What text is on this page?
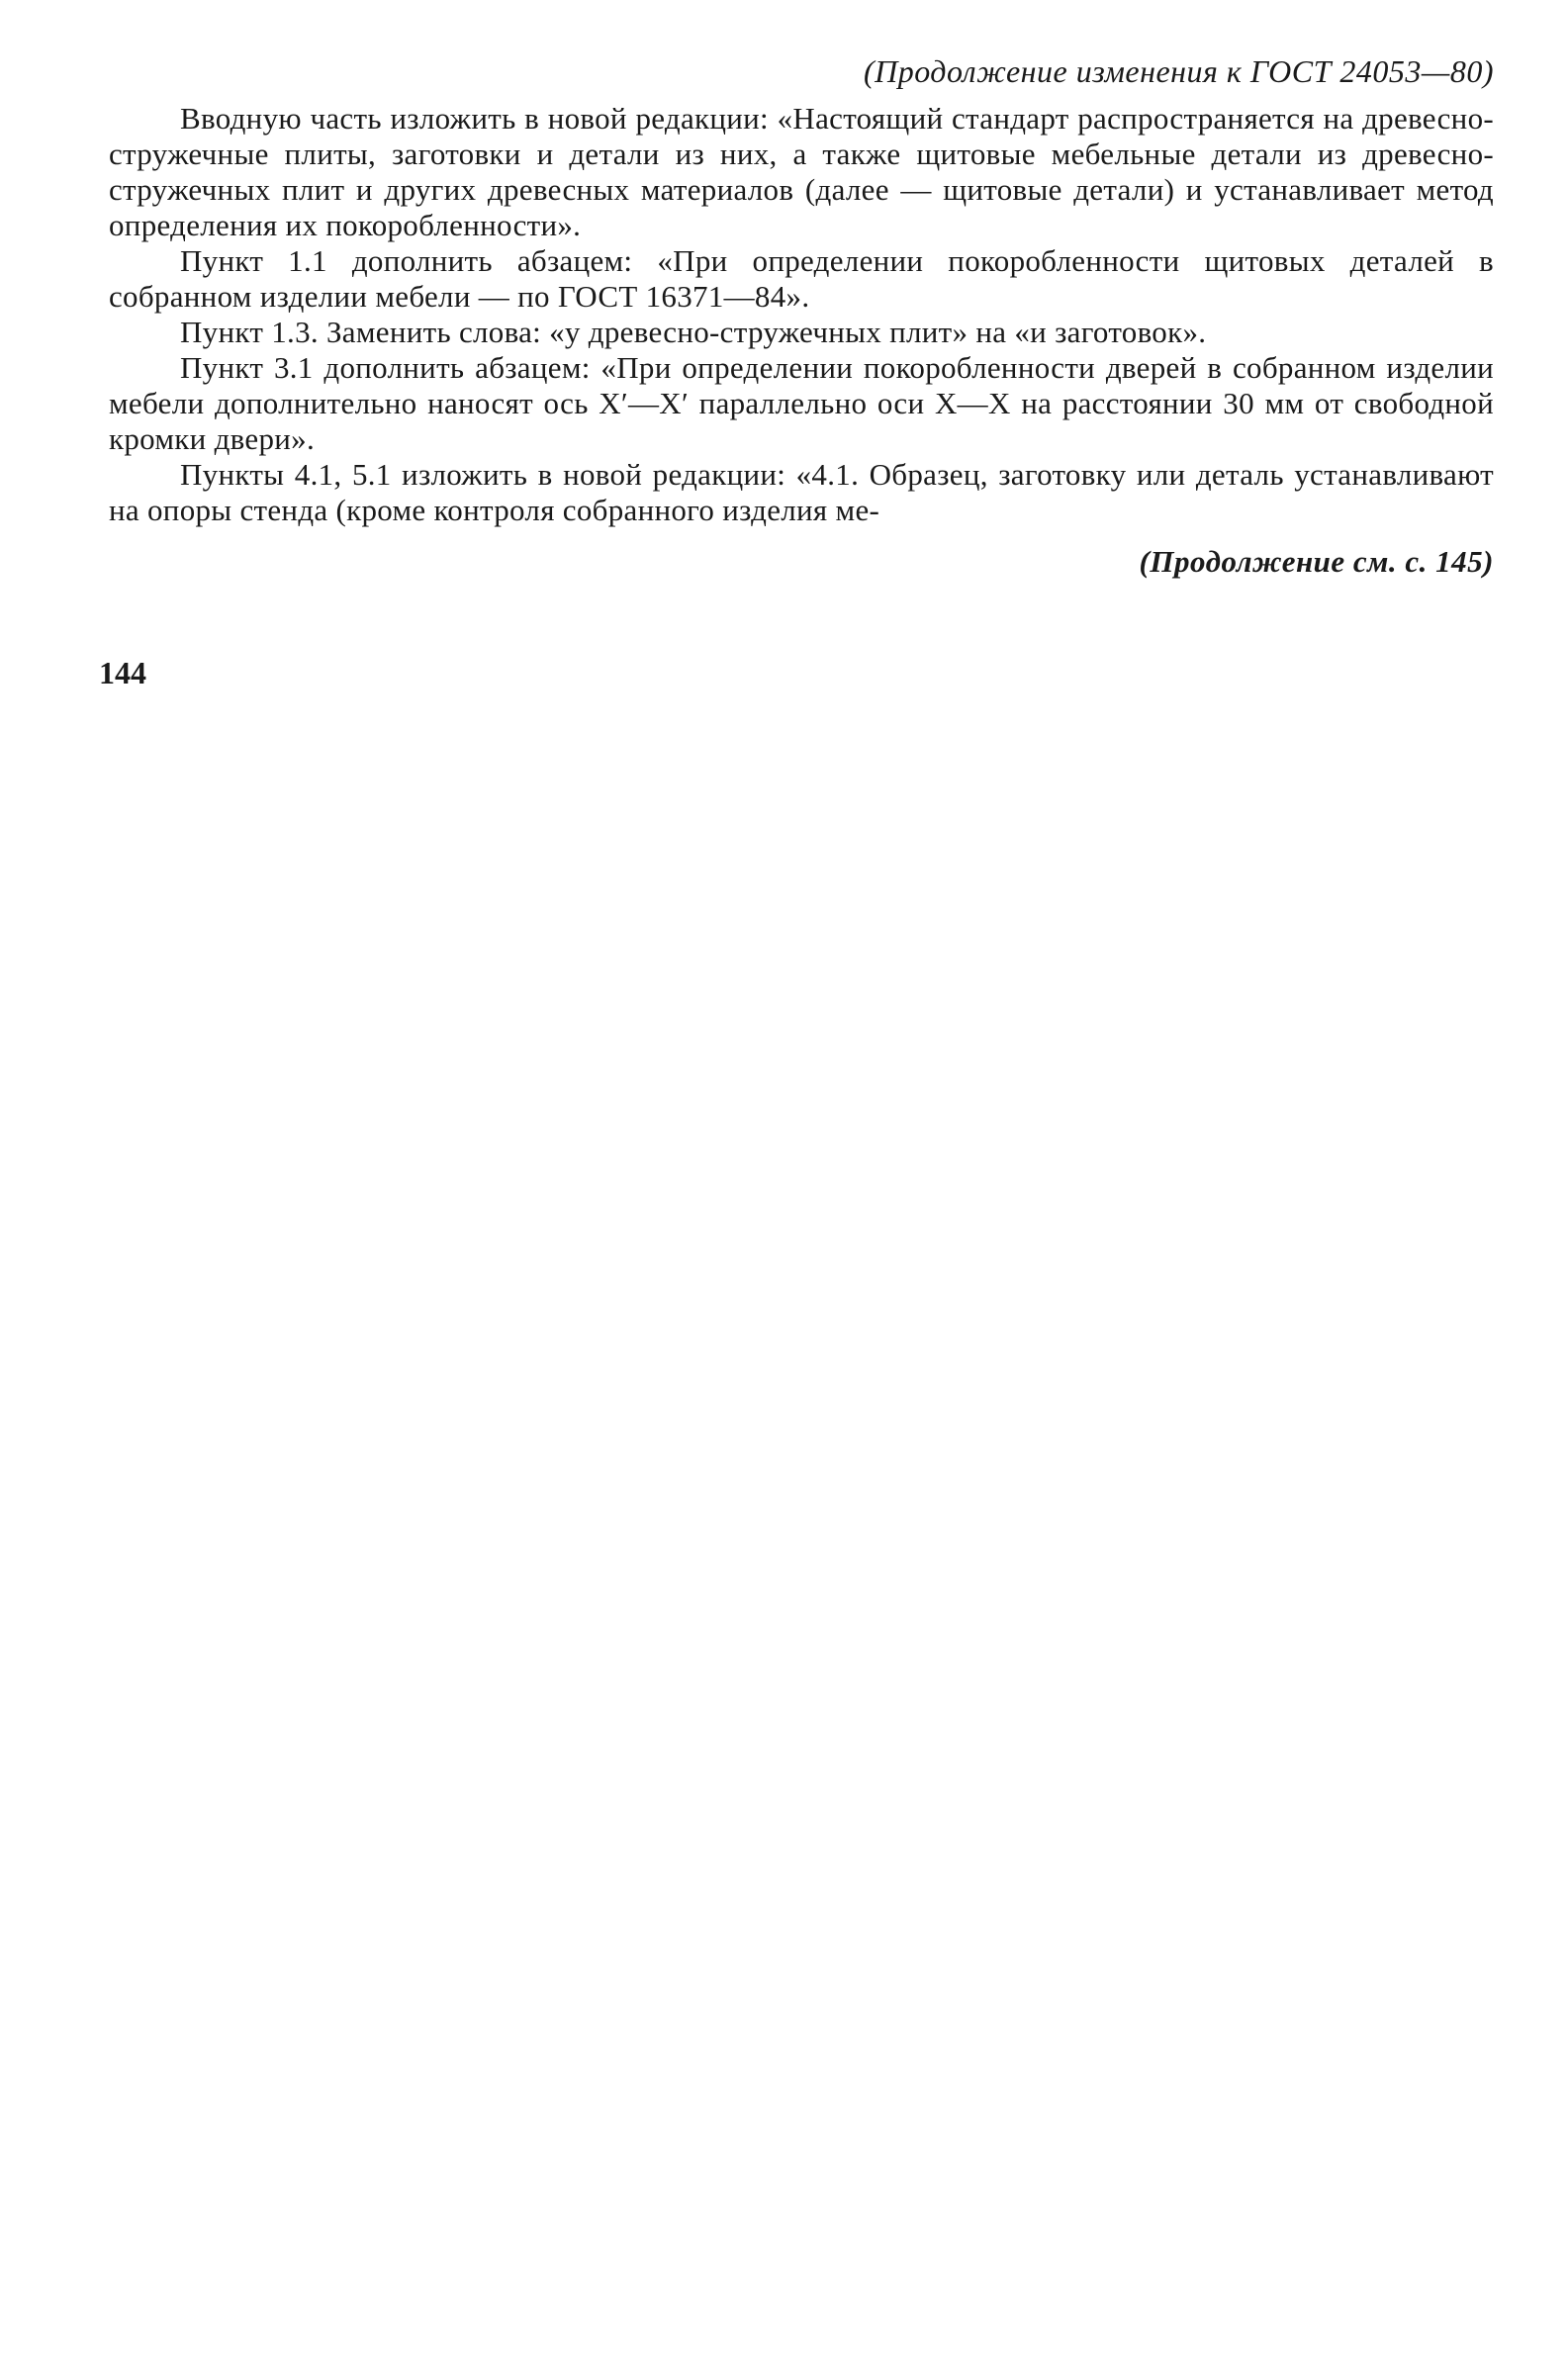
(Продолжение изменения к ГОСТ 24053—80)

Вводную часть изложить в новой редакции: «Настоящий стандарт распространяется на древесно-стружечные плиты, заготовки и детали из них, а также щитовые мебельные детали из древесно-стружечных плит и других древесных материалов (далее — щитовые детали) и устанавливает метод определения их покоробленности».

Пункт 1.1 дополнить абзацем: «При определении покоробленности щитовых деталей в собранном изделии мебели — по ГОСТ 16371—84».

Пункт 1.3. Заменить слова: «у древесно-стружечных плит» на «и заготовок».

Пункт 3.1 дополнить абзацем: «При определении покоробленности дверей в собранном изделии мебели дополнительно наносят ось X′—X′ параллельно оси X—X на расстоянии 30 мм от свободной кромки двери».

Пункты 4.1, 5.1 изложить в новой редакции: «4.1. Образец, заготовку или деталь устанавливают на опоры стенда (кроме контроля собранного изделия ме-

(Продолжение см. с. 145)
144
